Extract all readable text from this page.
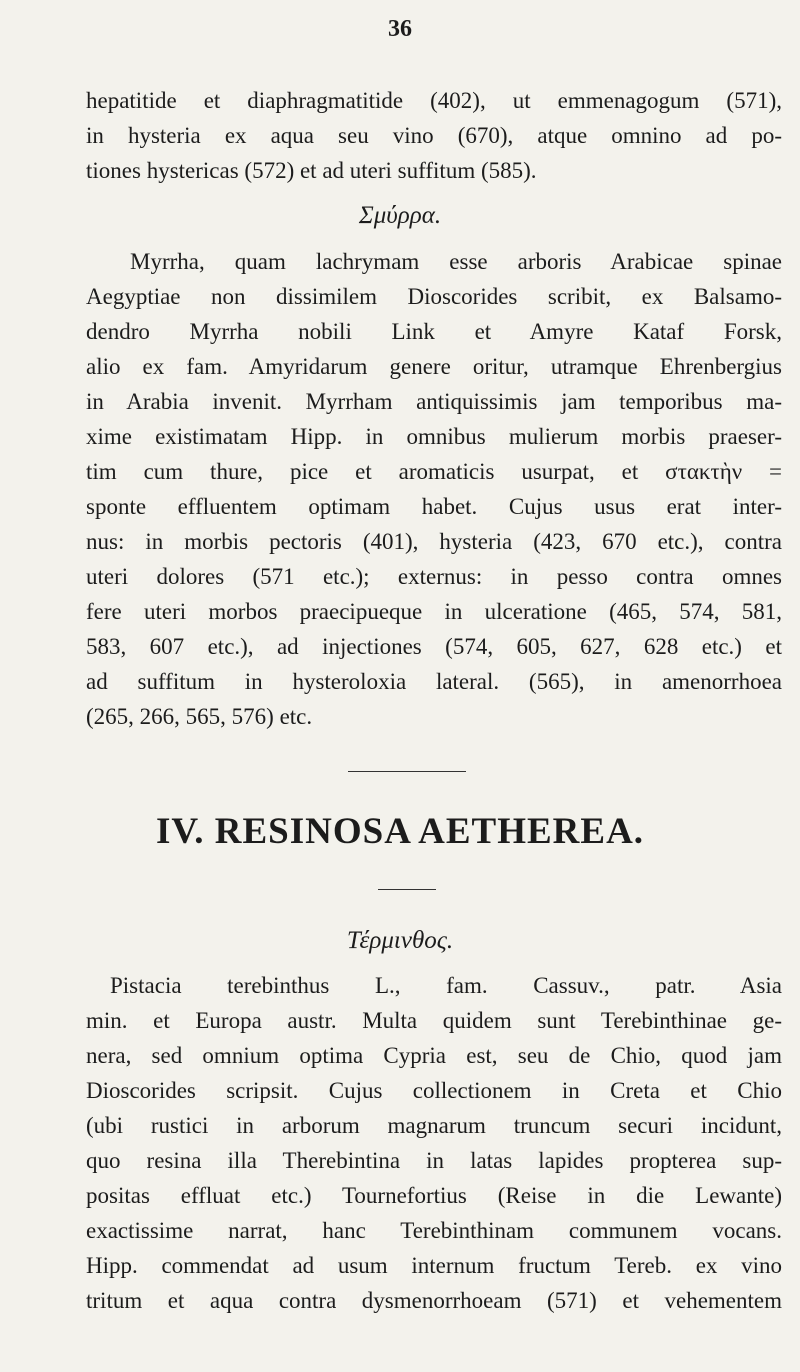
36
hepatitide et diaphragmatitide (402), ut emmenagogum (571),
in hysteria ex aqua seu vino (670), atque omnino ad po-
tiones hystericas (572) et ad uteri suffitum (585).
Σμύρρα.
Myrrha, quam lachrymam esse arboris Arabicae spinae
Aegyptiae non dissimilem Dioscorides scribit, ex Balsamo-
dendro Myrrha nobili Link et Amyre Kataf Forsk,
alio ex fam. Amyridarum genere oritur, utramque Ehrenbergius
in Arabia invenit. Myrrham antiquissimis jam temporibus ma-
xime existimatam Hipp. in omnibus mulierum morbis praeser-
tim cum thure, pice et aromaticis usurpat, et στακτὴν =
sponte effluentem optimam habet. Cujus usus erat inter-
nus: in morbis pectoris (401), hysteria (423, 670 etc.), contra
uteri dolores (571 etc.); externus: in pesso contra omnes
fere uteri morbos praecipueque in ulceratione (465, 574, 581,
583, 607 etc.), ad injectiones (574, 605, 627, 628 etc.) et
ad suffitum in hysteroloxia lateral. (565), in amenorrhoea
(265, 266, 565, 576) etc.
IV. RESINOSA AETHEREA.
Τέρμινθος.
Pistacia terebinthus L., fam. Cassuv., patr. Asia
min. et Europa austr. Multa quidem sunt Terebinthinae ge-
nera, sed omnium optima Cypria est, seu de Chio, quod jam
Dioscorides scripsit. Cujus collectionem in Creta et Chio
(ubi rustici in arborum magnarum truncum securi incidunt,
quo resina illa Therebintina in latas lapides propterea sup-
positas effluat etc.) Tournefortius (Reise in die Lewante)
exactissime narrat, hanc Terebinthinam communem vocans.
Hipp. commendat ad usum internum fructum Tereb. ex vino
tritum et aqua contra dysmenorrhoeam (571) et vehementem
